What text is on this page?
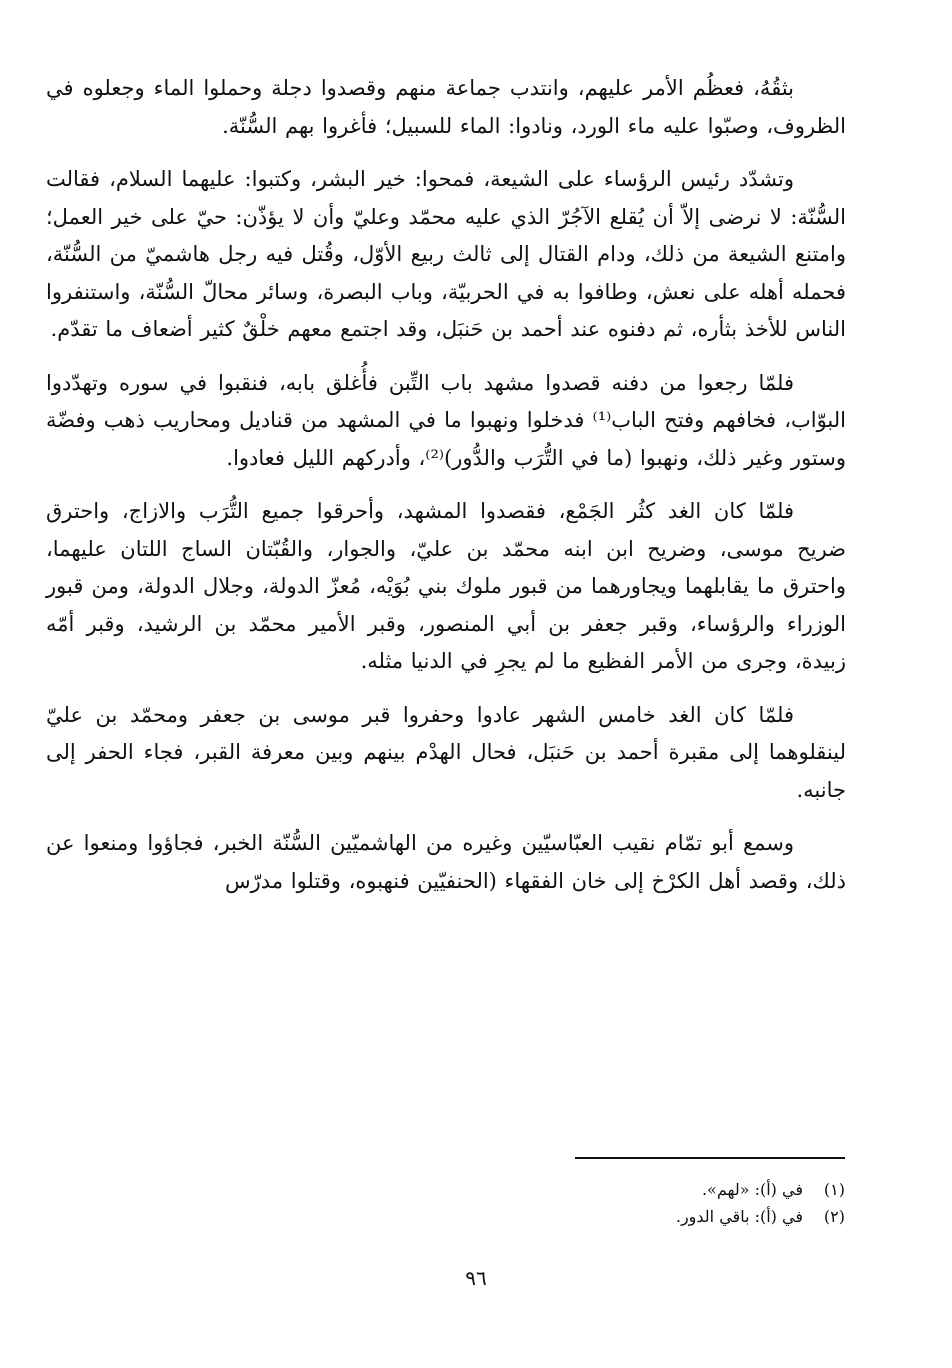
بثقُهُ، فعظُم الأمر عليهم، وانتدب جماعة منهم وقصدوا دجلة وحملوا الماء وجعلوه في الظروف، وصبّوا عليه ماء الورد، ونادوا: الماء للسبيل؛ فأغروا بهم السُّنّة.

وتشدّد رئيس الرؤساء على الشيعة، فمحوا: خير البشر، وكتبوا: عليهما السلام، فقالت السُّنّة: لا نرضى إلاّ أن يُقلع الآجُرّ الذي عليه محمّد وعليّ وأن لا يؤذّن: حيّ على خير العمل؛ وامتنع الشيعة من ذلك، ودام القتال إلى ثالث ربيع الأوّل، وقُتل فيه رجل هاشميّ من السُّنّة، فحمله أهله على نعش، وطافوا به في الحربيّة، وباب البصرة، وسائر محالّ السُّنّة، واستنفروا الناس للأخذ بثأره، ثم دفنوه عند أحمد بن حَنبَل، وقد اجتمع معهم خلْقٌ كثير أضعاف ما تقدّم.

فلمّا رجعوا من دفنه قصدوا مشهد باب التِّبن فأُغلق بابه، فنقبوا في سوره وتهدّدوا البوّاب، فخافهم وفتح الباب⁽¹⁾ فدخلوا ونهبوا ما في المشهد من قناديل ومحاريب ذهب وفضّة وستور وغير ذلك، ونهبوا (ما في التُّرَب والدُّور)⁽²⁾، وأدركهم الليل فعادوا.

فلمّا كان الغد كثُر الجَمْع، فقصدوا المشهد، وأحرقوا جميع التُّرَب والازاج، واحترق ضريح موسى، وضريح ابن ابنه محمّد بن عليّ، والجوار، والقُبّتان الساج اللتان عليهما، واحترق ما يقابلهما ويجاورهما من قبور ملوك بني بُوَيْه، مُعزّ الدولة، وجلال الدولة، ومن قبور الوزراء والرؤساء، وقبر جعفر بن أبي المنصور، وقبر الأمير محمّد بن الرشيد، وقبر أمّه زبيدة، وجرى من الأمر الفظيع ما لم يجرِ في الدنيا مثله.

فلمّا كان الغد خامس الشهر عادوا وحفروا قبر موسى بن جعفر ومحمّد بن عليّ لينقلوهما إلى مقبرة أحمد بن حَنبَل، فحال الهدْم بينهم وبين معرفة القبر، فجاء الحفر إلى جانبه.

وسمع أبو تمّام نقيب العبّاسيّين وغيره من الهاشميّين السُّنّة الخبر، فجاؤوا ومنعوا عن ذلك، وقصد أهل الكرْخ إلى خان الفقهاء (الحنفيّين فنهبوه، وقتلوا مدرّس

(١)
في (أ): «لهم».
(٢)
في (أ): باقي الدور.
٩٦
